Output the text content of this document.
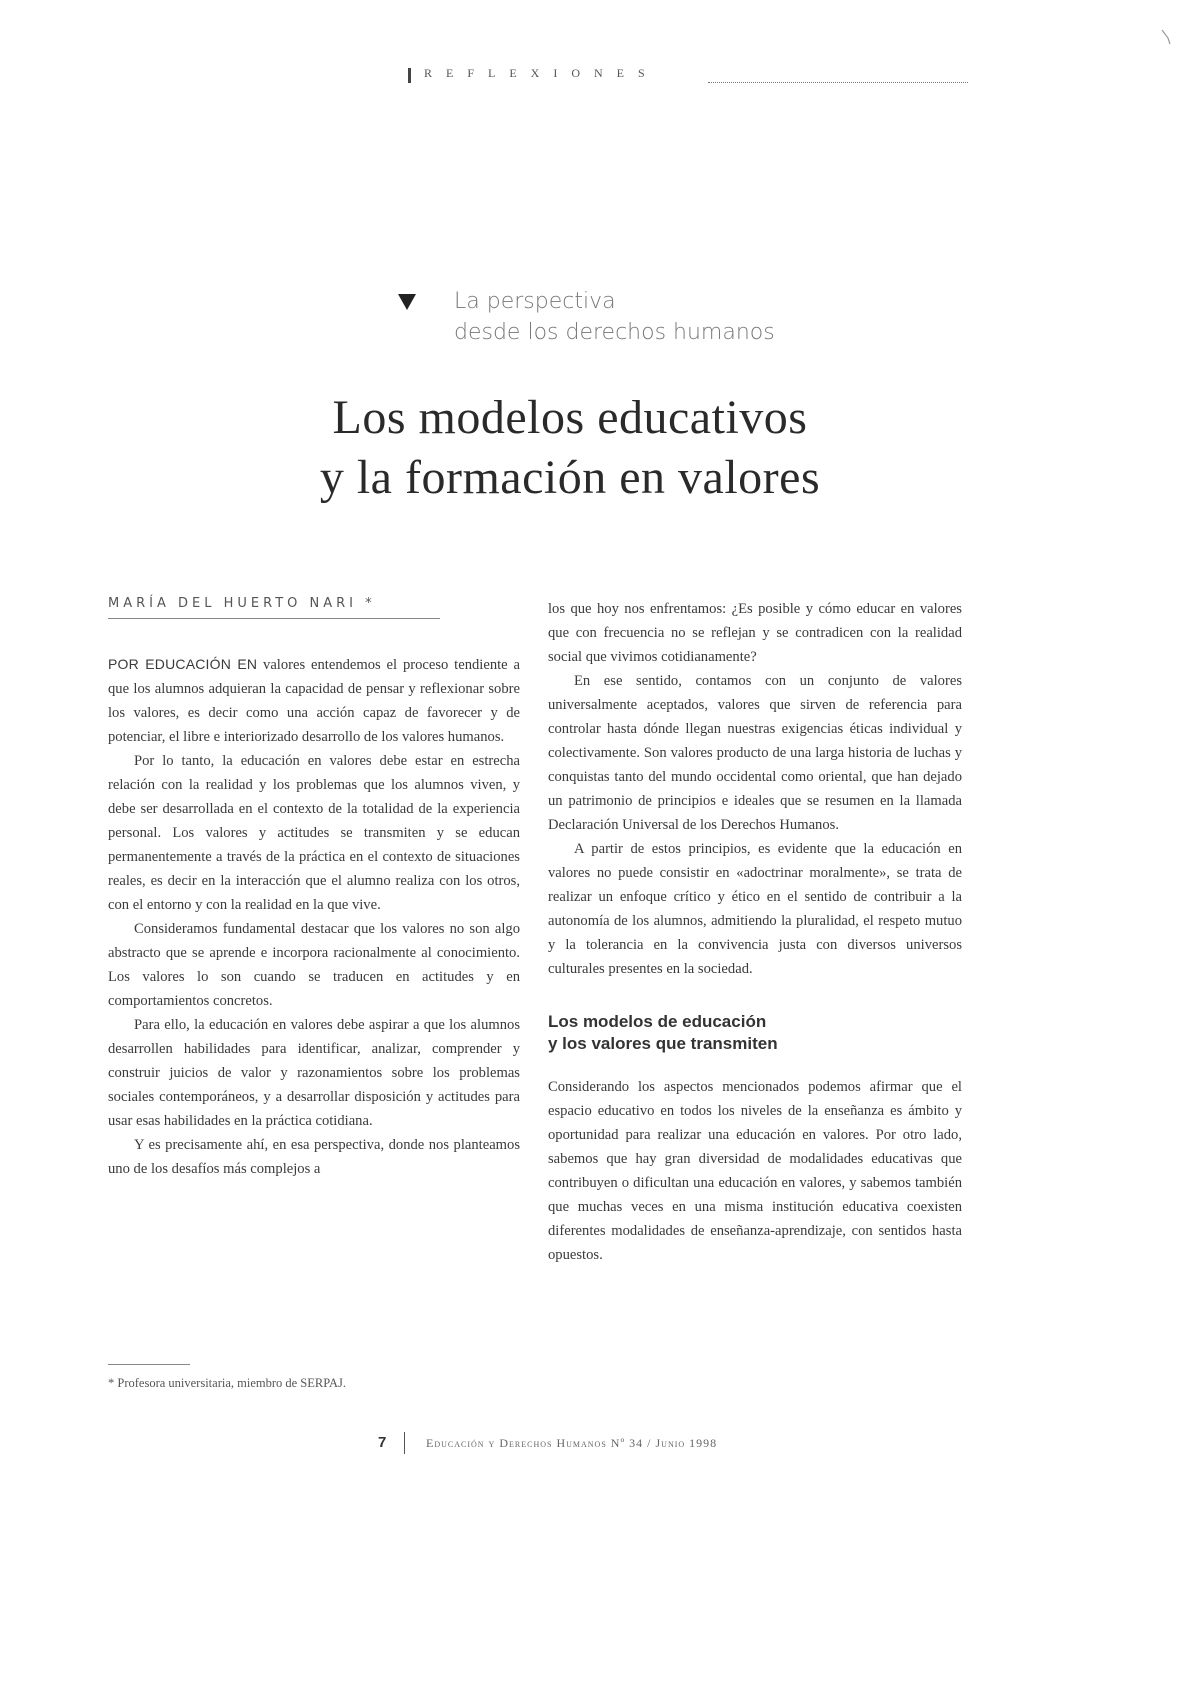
REFLEXIONES
La perspectiva
desde los derechos humanos
Los modelos educativos
y la formación en valores
MARÍA DEL HUERTO NARI *

POR EDUCACIÓN EN valores entendemos el proceso tendiente a que los alumnos adquieran la capacidad de pensar y reflexionar sobre los valores, es decir como una acción capaz de favorecer y de potenciar, el libre e interiorizado desarrollo de los valores humanos.

Por lo tanto, la educación en valores debe estar en estrecha relación con la realidad y los problemas que los alumnos viven, y debe ser desarrollada en el contexto de la totalidad de la experiencia personal. Los valores y actitudes se transmiten y se educan permanentemente a través de la práctica en el contexto de situaciones reales, es decir en la interacción que el alumno realiza con los otros, con el entorno y con la realidad en la que vive.

Consideramos fundamental destacar que los valores no son algo abstracto que se aprende e incorpora racionalmente al conocimiento. Los valores lo son cuando se traducen en actitudes y en comportamientos concretos.

Para ello, la educación en valores debe aspirar a que los alumnos desarrollen habilidades para identificar, analizar, comprender y construir juicios de valor y razonamientos sobre los problemas sociales contemporáneos, y a desarrollar disposición y actitudes para usar esas habilidades en la práctica cotidiana.

Y es precisamente ahí, en esa perspectiva, donde nos planteamos uno de los desafíos más complejos a

los que hoy nos enfrentamos: ¿Es posible y cómo educar en valores que con frecuencia no se reflejan y se contradicen con la realidad social que vivimos cotidianamente?

En ese sentido, contamos con un conjunto de valores universalmente aceptados, valores que sirven de referencia para controlar hasta dónde llegan nuestras exigencias éticas individual y colectivamente. Son valores producto de una larga historia de luchas y conquistas tanto del mundo occidental como oriental, que han dejado un patrimonio de principios e ideales que se resumen en la llamada Declaración Universal de los Derechos Humanos.

A partir de estos principios, es evidente que la educación en valores no puede consistir en «adoctrinar moralmente», se trata de realizar un enfoque crítico y ético en el sentido de contribuir a la autonomía de los alumnos, admitiendo la pluralidad, el respeto mutuo y la tolerancia en la convivencia justa con diversos universos culturales presentes en la sociedad.

Los modelos de educación
y los valores que transmiten

Considerando los aspectos mencionados podemos afirmar que el espacio educativo en todos los niveles de la enseñanza es ámbito y oportunidad para realizar una educación en valores. Por otro lado, sabemos que hay gran diversidad de modalidades educativas que contribuyen o dificultan una educación en valores, y sabemos también que muchas veces en una misma institución educativa coexisten diferentes modalidades de enseñanza-aprendizaje, con sentidos hasta opuestos.

* Profesora universitaria, miembro de SERPAJ.
7	Educación y Derechos Humanos Nº 34 / Junio 1998
